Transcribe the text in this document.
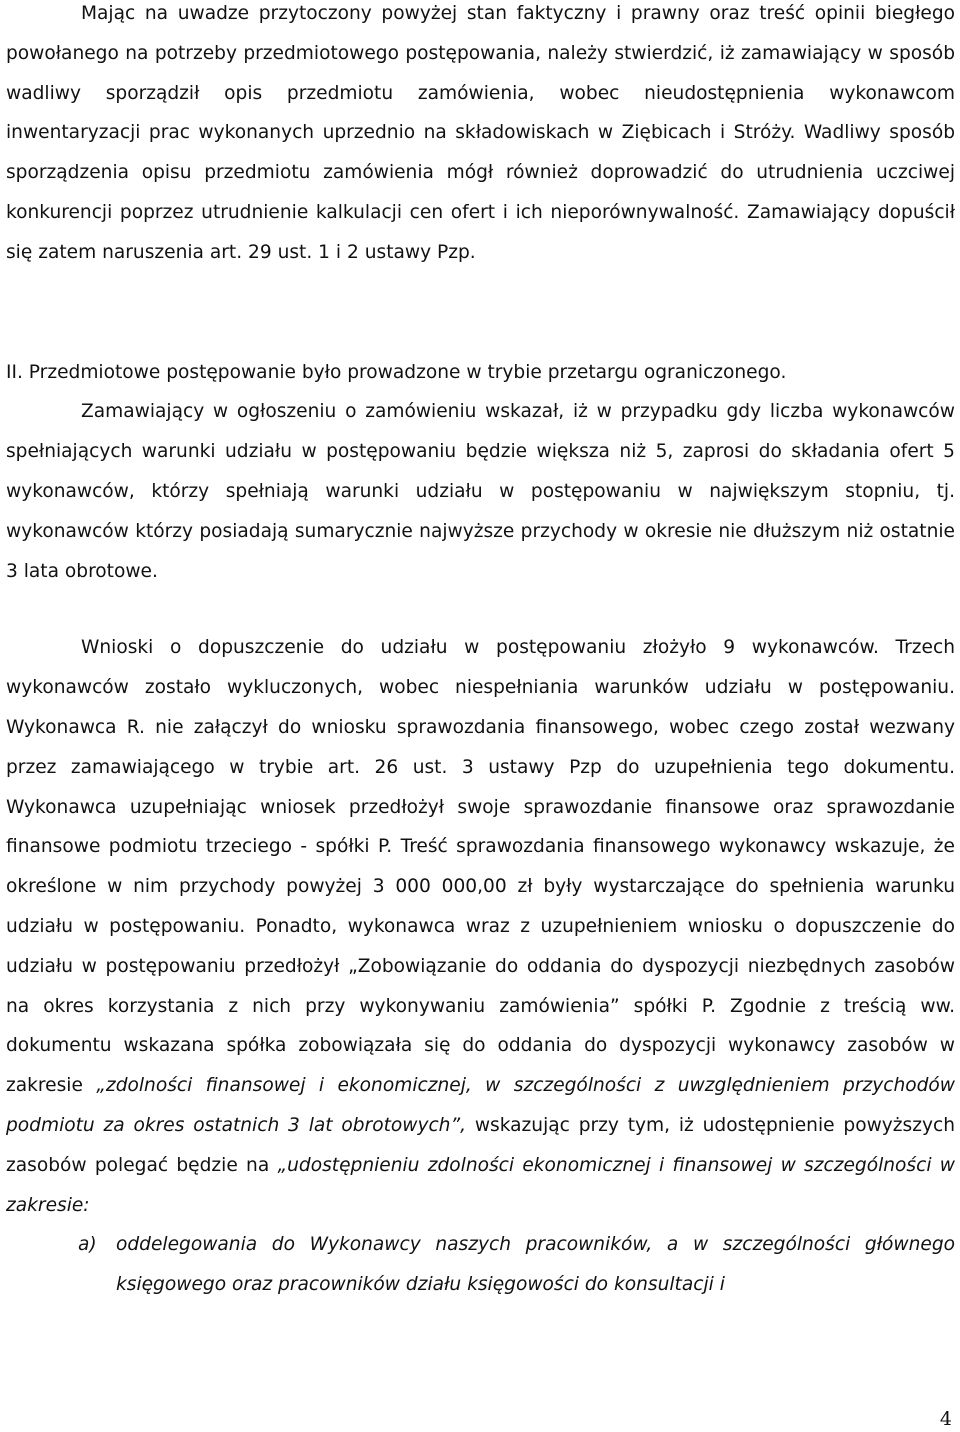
Mając na uwadze przytoczony powyżej stan faktyczny i prawny oraz treść opinii biegłego powołanego na potrzeby przedmiotowego postępowania, należy stwierdzić, iż zamawiający w sposób wadliwy sporządził opis przedmiotu zamówienia, wobec nieudostępnienia wykonawcom inwentaryzacji prac wykonanych uprzednio na składowiskach w Ziębicach i Stróży. Wadliwy sposób sporządzenia opisu przedmiotu zamówienia mógł również doprowadzić do utrudnienia uczciwej konkurencji poprzez utrudnienie kalkulacji cen ofert i ich nieporównywalność. Zamawiający dopuścił się zatem naruszenia art. 29 ust. 1 i 2 ustawy Pzp.

II. Przedmiotowe postępowanie było prowadzone w trybie przetargu ograniczonego.

Zamawiający w ogłoszeniu o zamówieniu wskazał, iż w przypadku gdy liczba wykonawców spełniających warunki udziału w postępowaniu będzie większa niż 5, zaprosi do składania ofert 5 wykonawców, którzy spełniają warunki udziału w postępowaniu w największym stopniu, tj. wykonawców którzy posiadają sumarycznie najwyższe przychody w okresie nie dłuższym niż ostatnie 3 lata obrotowe.

Wnioski o dopuszczenie do udziału w postępowaniu złożyło 9 wykonawców. Trzech wykonawców zostało wykluczonych, wobec niespełniania warunków udziału w postępowaniu. Wykonawca R. nie załączył do wniosku sprawozdania finansowego, wobec czego został wezwany przez zamawiającego w trybie art. 26 ust. 3 ustawy Pzp do uzupełnienia tego dokumentu. Wykonawca uzupełniając wniosek przedłożył swoje sprawozdanie finansowe oraz sprawozdanie finansowe podmiotu trzeciego - spółki P. Treść sprawozdania finansowego wykonawcy wskazuje, że określone w nim przychody powyżej 3 000 000,00 zł były wystarczające do spełnienia warunku udziału w postępowaniu. Ponadto, wykonawca wraz z uzupełnieniem wniosku o dopuszczenie do udziału w postępowaniu przedłożył „Zobowiązanie do oddania do dyspozycji niezbędnych zasobów na okres korzystania z nich przy wykonywaniu zamówienia” spółki P. Zgodnie z treścią ww. dokumentu wskazana spółka zobowiązała się do oddania do dyspozycji wykonawcy zasobów w zakresie „zdolności finansowej i ekonomicznej, w szczególności z uwzględnieniem przychodów podmiotu za okres ostatnich 3 lat obrotowych”, wskazując przy tym, iż udostępnienie powyższych zasobów polegać będzie na „udostępnieniu zdolności ekonomicznej i finansowej w szczególności w zakresie:

a) oddelegowania do Wykonawcy naszych pracowników, a w szczególności głównego księgowego oraz pracowników działu księgowości do konsultacji i
4
